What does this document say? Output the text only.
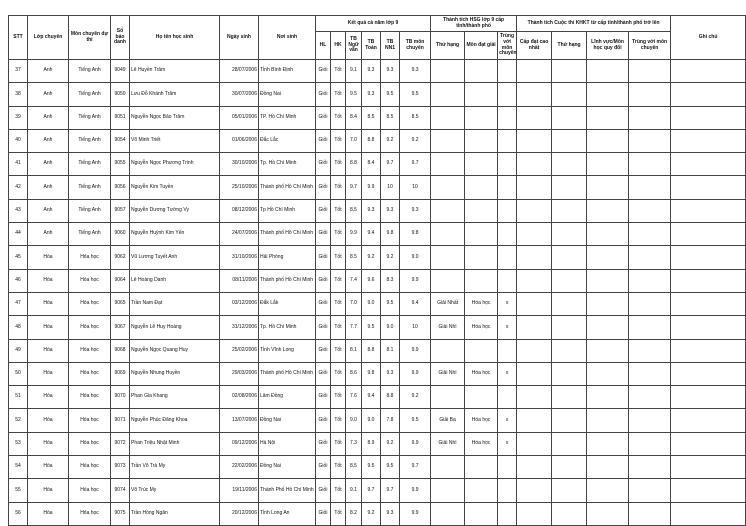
STT	Lớp chuyên	Môn chuyên dự thi	Số báo danh	Họ tên học sinh	Ngày sinh	Nơi sinh	Kết quả cả năm lớp 9						Thành tích HSG lớp 9 cấp tỉnh/thành phố			Thành tích Cuộc thi KHKT từ cấp tỉnh/thành phố trở lên				Ghi chú
							HL	HK	TB Ngữ văn	TB Toán	TB NN1	TB môn chuyên	Thứ hạng	Môn đạt giải	Trùng với môn chuyên	Cấp đạt cao nhất	Thứ hạng	Lĩnh vực/Môn học quy đổi	Trùng với môn chuyên	
37	Anh	Tiếng Anh	9049	Lê Huyền Trâm	28/07/2006	Tỉnh Bình Định	Giỏi	Tốt	9.1	9.3	9.3	9.3								
38	Anh	Tiếng Anh	9050	Lưu Đỗ Khánh Trâm	30/07/2006	Đồng Nai	Giỏi	Tốt	9.5	9.3	9.5	9.5								
39	Anh	Tiếng Anh	9051	Nguyễn Ngọc Bảo Trâm	05/01/2006	TP. Hồ Chí Minh	Giỏi	Tốt	8.4	8.5	8.5	8.5								
40	Anh	Tiếng Anh	9054	Võ Minh Triết	01/06/2006	Đắc Lắc	Giỏi	Tốt	7.0	8.8	9.2	9.2								
41	Anh	Tiếng Anh	9055	Nguyễn Ngọc Phương Trinh	30/10/2006	Tp. Hồ Chí Minh	Giỏi	Tốt	8.8	8.4	9.7	9.7								
42	Anh	Tiếng Anh	9056	Nguyễn Kim Tuyền	25/10/2006	Thành phố Hồ Chí Minh	Giỏi	Tốt	9.7	9.9	10	10								
43	Anh	Tiếng Anh	9057	Nguyễn Dương Tường Vy	08/12/2006	Tp Hồ Chí Minh	Giỏi	Tốt	8.5	9.3	9.3	9.3								
44	Anh	Tiếng Anh	9060	Nguyễn Huỳnh Kim Yến	24/07/2006	Thành phố Hồ Chí Minh	Giỏi	Tốt	9.9	9.4	9.8	9.8								
45	Hóa	Hóa học	9062	Vũ Lương Tuyết Anh	31/10/2006	Hải Phòng	Giỏi	Tốt	8.5	9.2	9.2	9.0								
46	Hóa	Hóa học	9064	Lê Hoàng Danh	08/11/2006	Thành phố Hồ Chí Minh	Giỏi	Tốt	7.4	9.6	8.3	9.9								
47	Hóa	Hóa học	9065	Trần Nam Đạt	03/12/2006	Đắk Lắk	Giỏi	Tốt	7.0	9.0	9.5	9.4	Giải Nhất	Hóa học	x					
48	Hóa	Hóa học	9067	Nguyễn Lê Huy Hoàng	31/12/2006	Tp. Hồ Chí Minh	Giỏi	Tốt	7.7	9.5	9.0	10	Giải Nhì	Hóa học	x					
49	Hóa	Hóa học	9068	Nguyễn Ngọc Quang Huy	25/02/2006	Tỉnh Vĩnh Long	Giỏi	Tốt	8.1	8.8	8.1	9.9								
50	Hóa	Hóa học	9069	Nguyễn Nhung Huyền	29/03/2006	Thành phố Hồ Chí Minh	Giỏi	Tốt	8.6	9.8	9.3	9.9	Giải Nhì	Hóa học	x					
51	Hóa	Hóa học	9070	Phan Gia Khang	02/08/2006	Lâm Đồng	Giỏi	Tốt	7.6	9.4	8.8	9.2								
52	Hóa	Hóa học	9071	Nguyễn Phúc Đăng Khoa	13/07/2006	Đồng Nai	Giỏi	Tốt	9.0	9.0	7.8	9.5	Giải Ba	Hóa học	x					
53	Hóa	Hóa học	9072	Phan Triệu Nhật Minh	09/12/2006	Hà Nội	Giỏi	Tốt	7.3	8.9	9.2	9.9	Giải Nhì	Hóa học	x					
54	Hóa	Hóa học	9073	Trần Võ Trà My	22/02/2006	Đồng Nai	Giỏi	Tốt	8.5	9.5	9.5	9.7								
55	Hóa	Hóa học	9074	Võ Trúc My	19/11/2006	Thành Phố Hồ Chí Minh	Giỏi	Tốt	9.1	9.7	9.7	9.9								
56	Hóa	Hóa học	9075	Trần Hồng Ngân	20/12/2006	Tỉnh Long An	Giỏi	Tốt	8.2	9.2	9.3	9.9								
